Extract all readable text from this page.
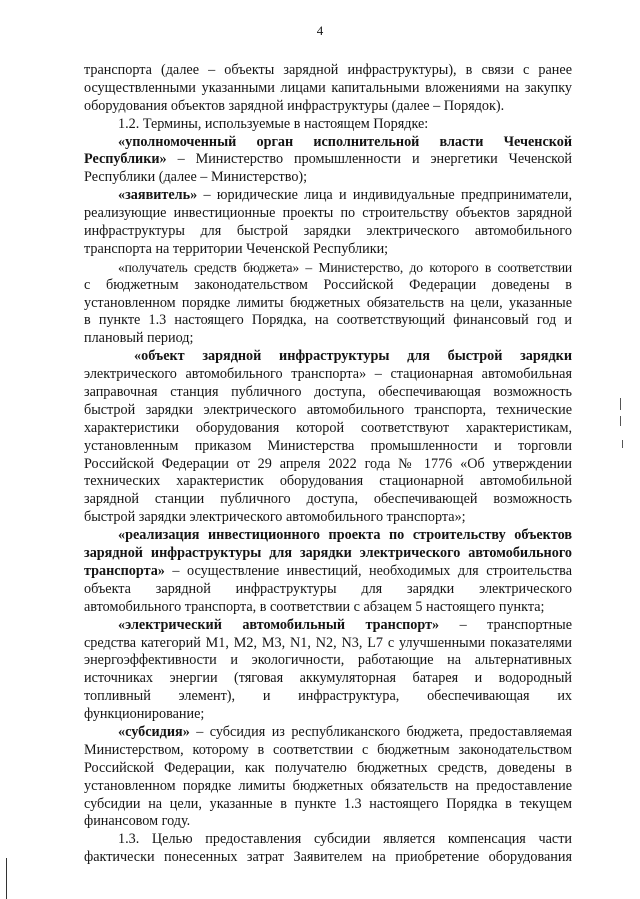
4
транспорта (далее – объекты зарядной инфраструктуры), в связи с ранее
осуществленными указанными лицами капитальными вложениями на закупку
оборудования объектов зарядной инфраструктуры (далее – Порядок).
1.2. Термины, используемые в настоящем Порядке:
«уполномоченный орган исполнительной власти Чеченской
Республики» – Министерство промышленности и энергетики Чеченской
Республики (далее – Министерство);
«заявитель» – юридические лица и индивидуальные предприниматели,
реализующие инвестиционные проекты по строительству объектов зарядной
инфраструктуры для быстрой зарядки электрического автомобильного
транспорта на территории Чеченской Республики;
«получатель средств бюджета» – Министерство, до которого в соответствии
с бюджетным законодательством Российской Федерации доведены в
установленном порядке лимиты бюджетных обязательств на цели, указанные
в пункте 1.3 настоящего Порядка, на соответствующий финансовый год и
плановый период;
«объект зарядной инфраструктуры для быстрой зарядки
электрического автомобильного транспорта» – стационарная автомобильная
заправочная станция публичного доступа, обеспечивающая возможность
быстрой зарядки электрического автомобильного транспорта, технические
характеристики оборудования которой соответствуют характеристикам,
установленным приказом Министерства промышленности и торговли
Российской Федерации от 29 апреля 2022 года № 1776 «Об утверждении
технических характеристик оборудования стационарной автомобильной
зарядной станции публичного доступа, обеспечивающей возможность
быстрой зарядки электрического автомобильного транспорта»;
«реализация инвестиционного проекта по строительству объектов
зарядной инфраструктуры для зарядки электрического автомобильного
транспорта» – осуществление инвестиций, необходимых для строительства
объекта зарядной инфраструктуры для зарядки электрического
автомобильного транспорта, в соответствии с абзацем 5 настоящего пункта;
«электрический автомобильный транспорт» – транспортные
средства категорий M1, M2, M3, N1, N2, N3, L7 с улучшенными показателями
энергоэффективности и экологичности, работающие на альтернативных
источниках энергии (тяговая аккумуляторная батарея и водородный
топливный элемент), и инфраструктура, обеспечивающая их
функционирование;
«субсидия» – субсидия из республиканского бюджета, предоставляемая
Министерством, которому в соответствии с бюджетным законодательством
Российской Федерации, как получателю бюджетных средств, доведены в
установленном порядке лимиты бюджетных обязательств на предоставление
субсидии на цели, указанные в пункте 1.3 настоящего Порядка в текущем
финансовом году.
1.3. Целью предоставления субсидии является компенсация части
фактически понесенных затрат Заявителем на приобретение оборудования
